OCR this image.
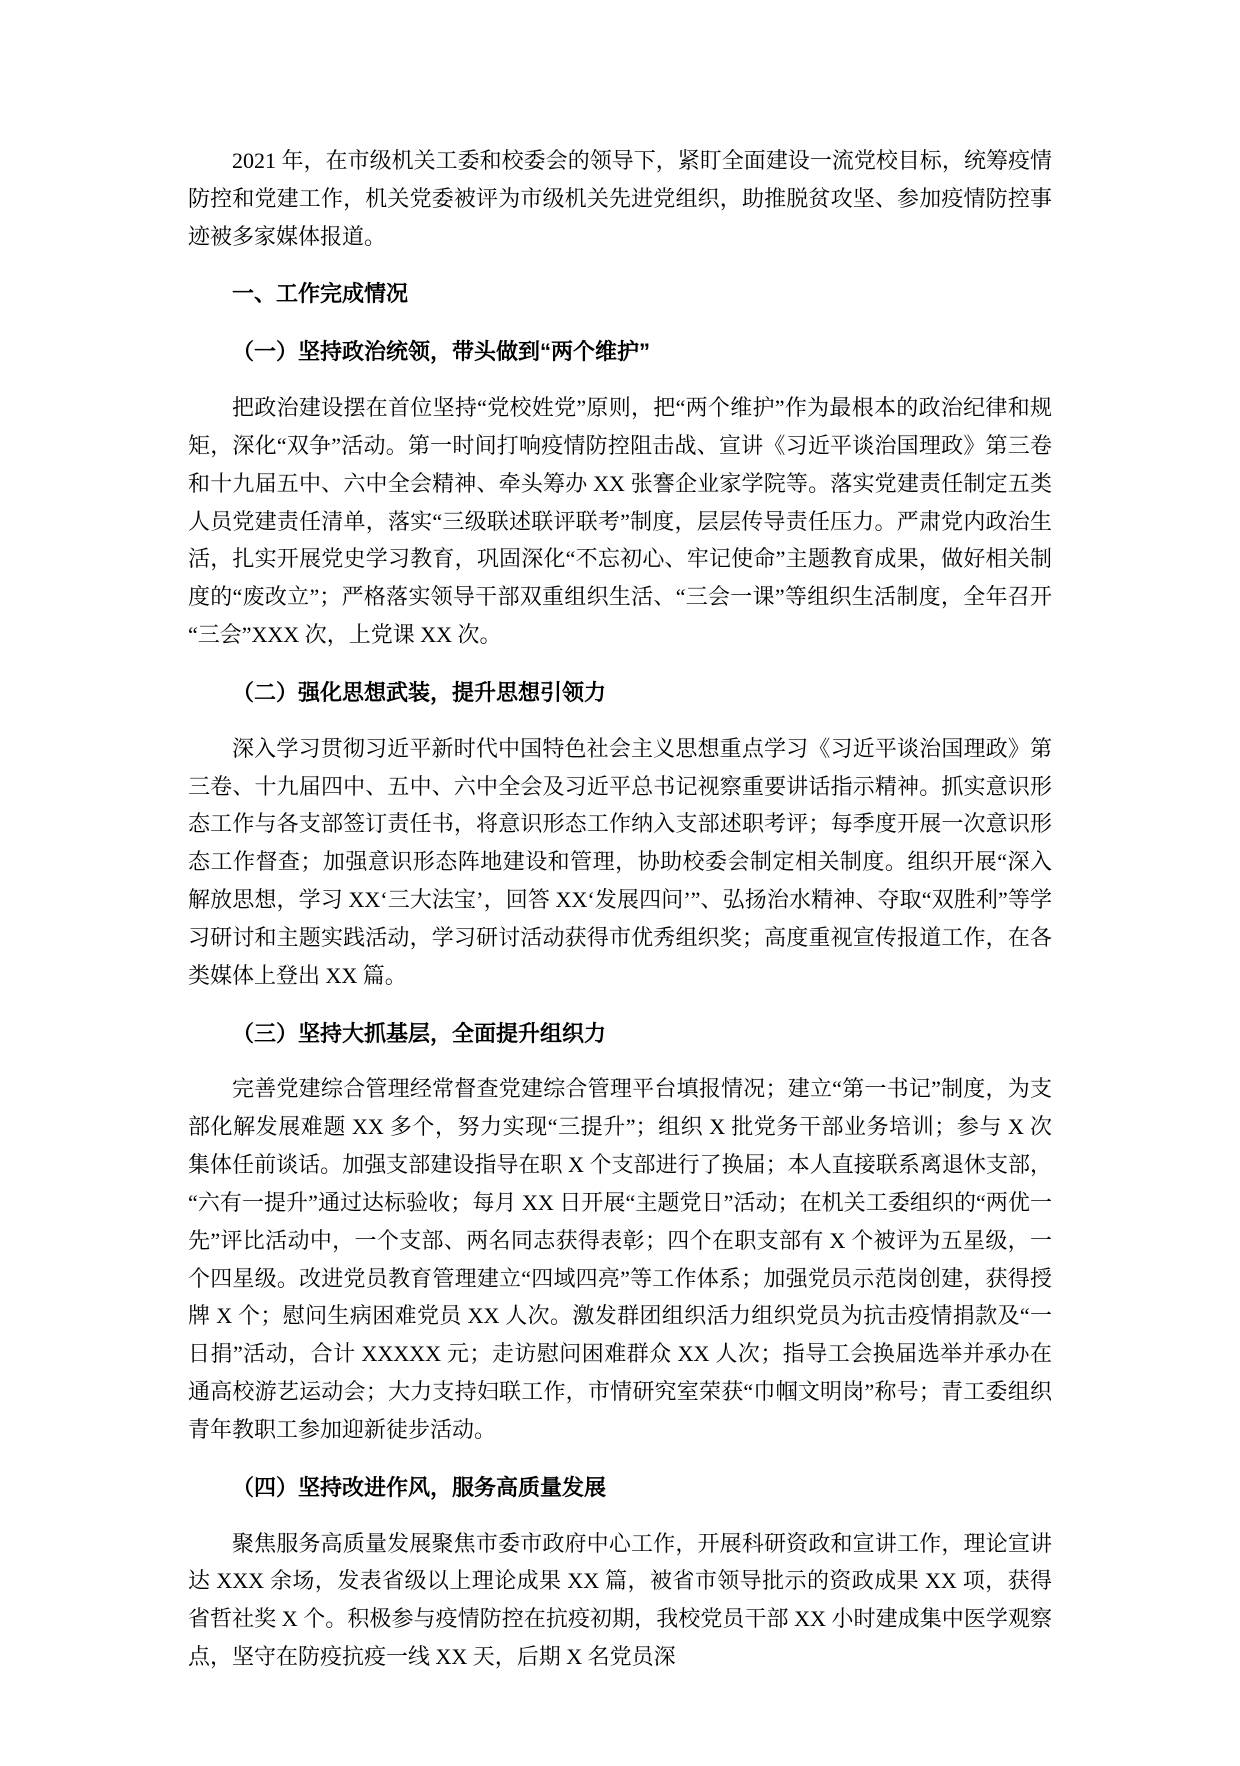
2021 年，在市级机关工委和校委会的领导下，紧盯全面建设一流党校目标，统筹疫情防控和党建工作，机关党委被评为市级机关先进党组织，助推脱贫攻坚、参加疫情防控事迹被多家媒体报道。

一、工作完成情况
（一）坚持政治统领，带头做到“两个维护”

把政治建设摆在首位坚持“党校姓党”原则，把“两个维护”作为最根本的政治纪律和规矩，深化“双争”活动。第一时间打响疫情防控阻击战、宣讲《习近平谈治国理政》第三卷和十九届五中、六中全会精神、牵头筹办 XX 张謇企业家学院等。落实党建责任制定五类人员党建责任清单，落实“三级联述联评联考”制度，层层传导责任压力。严肃党内政治生活，扎实开展党史学习教育，巩固深化“不忘初心、牢记使命”主题教育成果，做好相关制度的“废改立”；严格落实领导干部双重组织生活、“三会一课”等组织生活制度，全年召开“三会”XXX 次，上党课 XX 次。

（二）强化思想武装，提升思想引领力

深入学习贯彻习近平新时代中国特色社会主义思想重点学习《习近平谈治国理政》第三卷、十九届四中、五中、六中全会及习近平总书记视察重要讲话指示精神。抓实意识形态工作与各支部签订责任书，将意识形态工作纳入支部述职考评；每季度开展一次意识形态工作督查；加强意识形态阵地建设和管理，协助校委会制定相关制度。组织开展“深入解放思想，学习 XX‘三大法宝’，回答 XX‘发展四问’”、弘扬治水精神、夺取“双胜利”等学习研讨和主题实践活动，学习研讨活动获得市优秀组织奖；高度重视宣传报道工作，在各类媒体上登出 XX 篇。

（三）坚持大抓基层，全面提升组织力

完善党建综合管理经常督查党建综合管理平台填报情况；建立“第一书记”制度，为支部化解发展难题 XX 多个，努力实现“三提升”；组织 X 批党务干部业务培训；参与 X 次集体任前谈话。加强支部建设指导在职 X 个支部进行了换届；本人直接联系离退休支部，“六有一提升”通过达标验收；每月 XX 日开展“主题党日”活动；在机关工委组织的“两优一先”评比活动中，一个支部、两名同志获得表彰；四个在职支部有 X 个被评为五星级，一个四星级。改进党员教育管理建立“四域四亮”等工作体系；加强党员示范岗创建，获得授牌 X 个；慰问生病困难党员 XX 人次。激发群团组织活力组织党员为抗击疫情捐款及“一日捐”活动，合计 XXXXX 元；走访慰问困难群众 XX 人次；指导工会换届选举并承办在通高校游艺运动会；大力支持妇联工作，市情研究室荣获“巾帼文明岗”称号；青工委组织青年教职工参加迎新徒步活动。

（四）坚持改进作风，服务高质量发展

聚焦服务高质量发展聚焦市委市政府中心工作，开展科研资政和宣讲工作，理论宣讲达 XXX 余场，发表省级以上理论成果 XX 篇，被省市领导批示的资政成果 XX 项，获得省哲社奖 X 个。积极参与疫情防控在抗疫初期，我校党员干部 XX 小时建成集中医学观察点，坚守在防疫抗疫一线 XX 天，后期 X 名党员深
